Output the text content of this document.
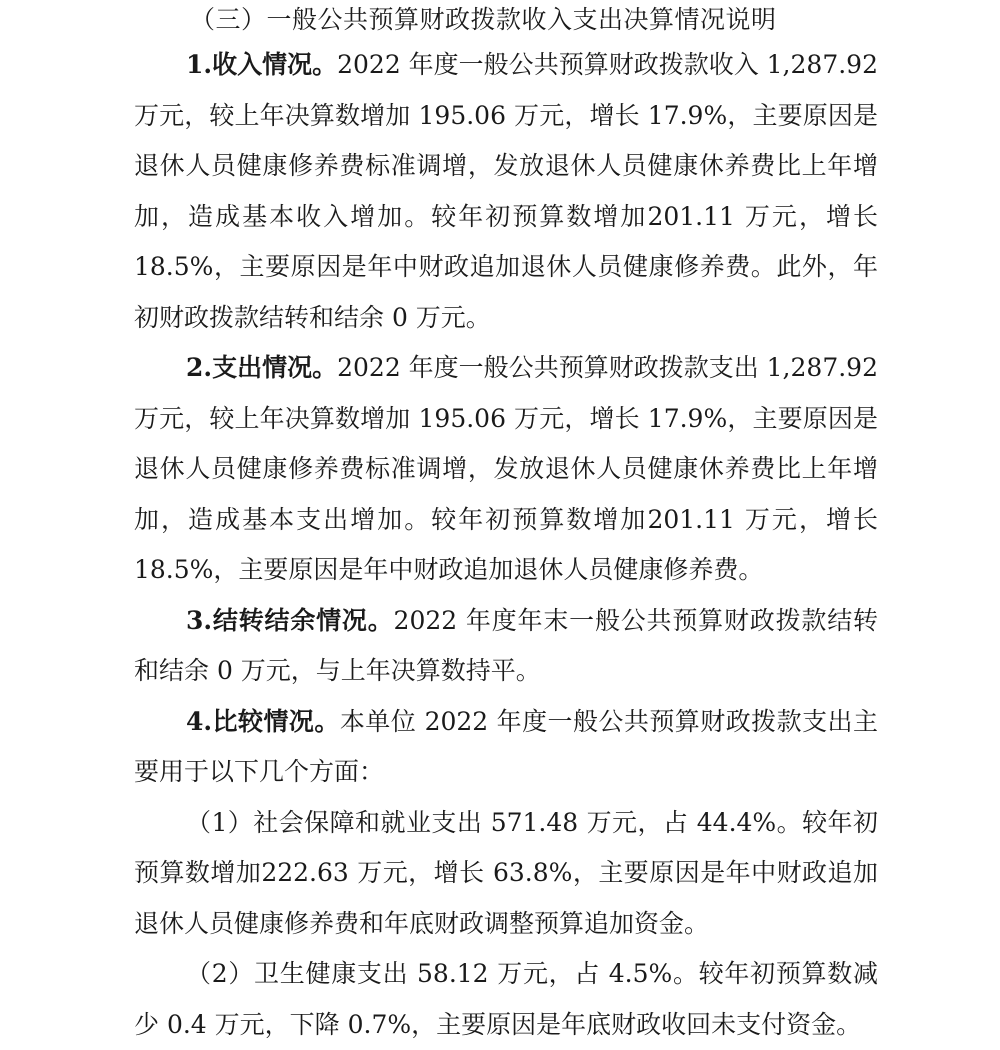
（三）一般公共预算财政拨款收入支出决算情况说明

1.收入情况。2022 年度一般公共预算财政拨款收入 1,287.92 万元，较上年决算数增加 195.06 万元，增长 17.9%，主要原因是退休人员健康修养费标准调增，发放退休人员健康休养费比上年增加，造成基本收入增加。较年初预算数增加201.11 万元，增长18.5%，主要原因是年中财政追加退休人员健康修养费。此外，年初财政拨款结转和结余 0 万元。

2.支出情况。2022 年度一般公共预算财政拨款支出 1,287.92 万元，较上年决算数增加 195.06 万元，增长 17.9%，主要原因是退休人员健康修养费标准调增，发放退休人员健康休养费比上年增加，造成基本支出增加。较年初预算数增加201.11 万元，增长18.5%，主要原因是年中财政追加退休人员健康修养费。

3.结转结余情况。2022 年度年末一般公共预算财政拨款结转和结余 0 万元，与上年决算数持平。

4.比较情况。本单位 2022 年度一般公共预算财政拨款支出主要用于以下几个方面：

（1）社会保障和就业支出 571.48 万元，占 44.4%。较年初预算数增加222.63 万元，增长 63.8%，主要原因是年中财政追加退休人员健康修养费和年底财政调整预算追加资金。

（2）卫生健康支出 58.12 万元，占 4.5%。较年初预算数减少 0.4 万元，下降 0.7%，主要原因是年底财政收回未支付资金。
